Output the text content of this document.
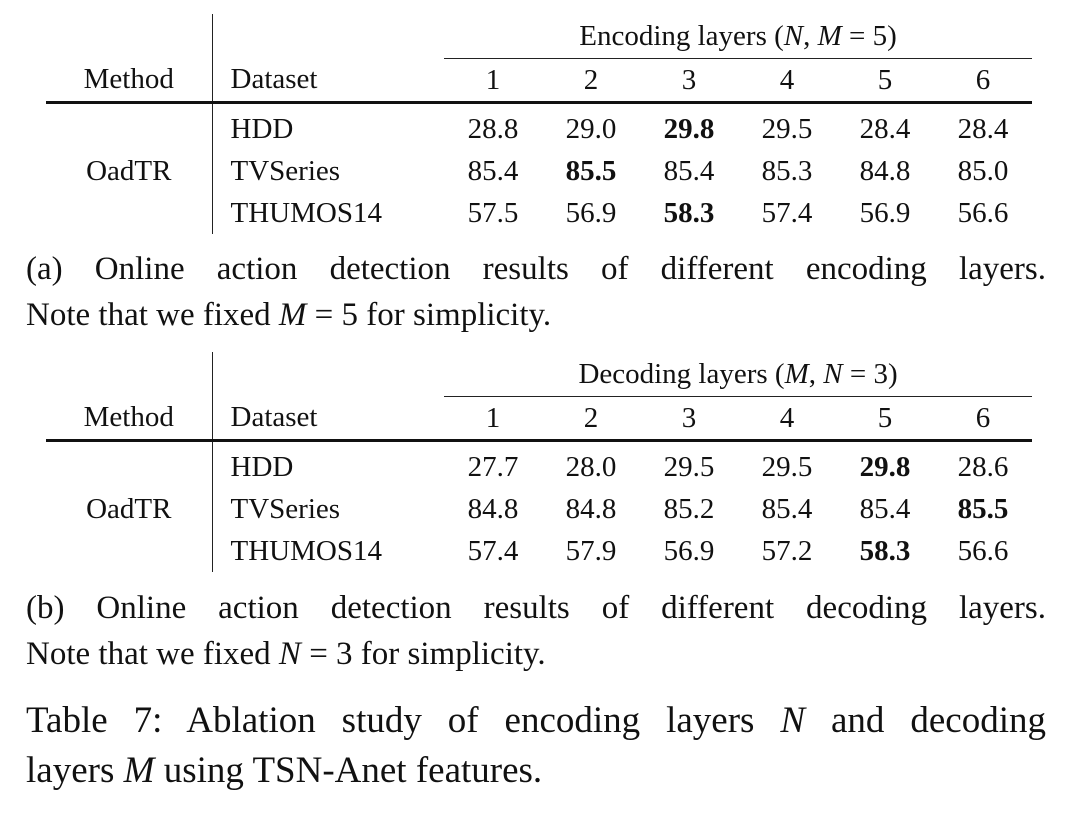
		Encoding layers (N, M = 5)					
Method	Dataset	1	2	3	4	5	6
OadTR	HDD	28.8	29.0	29.8	29.5	28.4	28.4
	TVSeries	85.4	85.5	85.4	85.3	84.8	85.0
	THUMOS14	57.5	56.9	58.3	57.4	56.9	56.6
(a) Online action detection results of different encoding layers.
Note that we fixed M = 5 for simplicity.
		Decoding layers (M, N = 3)					
Method	Dataset	1	2	3	4	5	6
OadTR	HDD	27.7	28.0	29.5	29.5	29.8	28.6
	TVSeries	84.8	84.8	85.2	85.4	85.4	85.5
	THUMOS14	57.4	57.9	56.9	57.2	58.3	56.6
(b) Online action detection results of different decoding layers.
Note that we fixed N = 3 for simplicity.
Table 7: Ablation study of encoding layers N and decoding
layers M using TSN-Anet features.
